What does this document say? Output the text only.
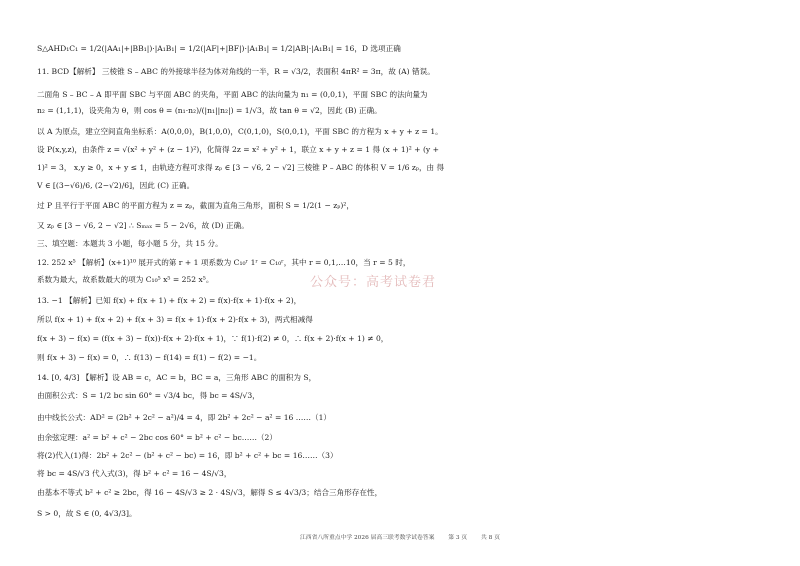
S△AHD₁C₁ = 1/2(|AA₁|+|BB₁|)·|A₁B₁| = 1/2(|AF|+|BF|)·|A₁B₁| = 1/2|AB|·|A₁B₁| = 16，D 选项正确
11. BCD【解析】 三棱锥 S – ABC 的外接球半径为体对角线的一半，R = √3/2，表面积 4πR² = 3π，故 (A) 错误。
二面角 S – BC – A 即平面 SBC 与平面 ABC 的夹角，平面 ABC 的法向量为 n₁ = (0,0,1)，平面 SBC 的法向量为
n₂ = (1,1,1)，设夹角为 θ，则 cos θ = (n₁·n₂)/(|n₁||n₂|) = 1/√3，故 tan θ = √2，因此 (B) 正确。
以 A 为原点，建立空间直角坐标系：A(0,0,0)，B(1,0,0)，C(0,1,0)，S(0,0,1)，平面 SBC 的方程为 x + y + z = 1。
设 P(x,y,z)，由条件 z = √(x² + y² + (z − 1)²)，化简得 2z = x² + y² + 1，联立 x + y + z = 1 得 (x + 1)² + (y +
1)² = 3， x,y ≥ 0，x + y ≤ 1，由轨迹方程可求得 zₚ ∈ [3 − √6, 2 − √2] 三棱锥 P – ABC 的体积 V = 1/6 zₚ，由 得
V ∈ [(3−√6)/6, (2−√2)/6]，因此 (C) 正确。
过 P 且平行于平面 ABC 的平面方程为 z = zₚ，截面为直角三角形，面积 S = 1/2(1 − zₚ)²，
又 zₚ ∈ [3 − √6, 2 − √2] ∴ Sₘₐₓ = 5 − 2√6，故 (D) 正确。
三、填空题：本题共 3 小题，每小题 5 分，共 15 分。
12. 252 x⁵ 【解析】(x+1)¹⁰ 展开式的第 r + 1 项系数为 C₁₀ʳ 1ʳ = C₁₀ʳ，其中 r = 0,1,…10，当 r = 5 时，
系数为最大，故系数最大的项为 C₁₀⁵ x⁵ = 252 x⁵。
13. −1 【解析】已知 f(x) + f(x + 1) + f(x + 2) = f(x)·f(x + 1)·f(x + 2)，
所以 f(x + 1) + f(x + 2) + f(x + 3) = f(x + 1)·f(x + 2)·f(x + 3)，两式相减得
f(x + 3) − f(x) = (f(x + 3) − f(x))·f(x + 2)·f(x + 1)，∵ f(1)·f(2) ≠ 0，∴ f(x + 2)·f(x + 1) ≠ 0，
则 f(x + 3) − f(x) = 0，∴ f(13) − f(14) = f(1) − f(2) = −1。
14. [0, 4/3] 【解析】设 AB = c，AC = b，BC = a，三角形 ABC 的面积为 S，
由面积公式：S = 1/2 bc sin 60° = √3/4 bc，得 bc = 4S/√3，
由中线长公式：AD² = (2b² + 2c² − a²)/4 = 4，即 2b² + 2c² − a² = 16 ……（1）
由余弦定理：a² = b² + c² − 2bc cos 60° = b² + c² − bc……（2）
将(2)代入(1)得：2b² + 2c² − (b² + c² − bc) = 16，即 b² + c² + bc = 16……（3）
将 bc = 4S/√3 代入式(3)，得 b² + c² = 16 − 4S/√3，
由基本不等式 b² + c² ≥ 2bc，得 16 − 4S/√3 ≥ 2 · 4S/√3，解得 S ≤ 4√3/3；结合三角形存在性，
S > 0，故 S ∈ (0, 4√3/3]。
公众号：高考试卷君
江西省八所重点中学 2026 届高三联考数学试卷答案 第 3 页 共 8 页
